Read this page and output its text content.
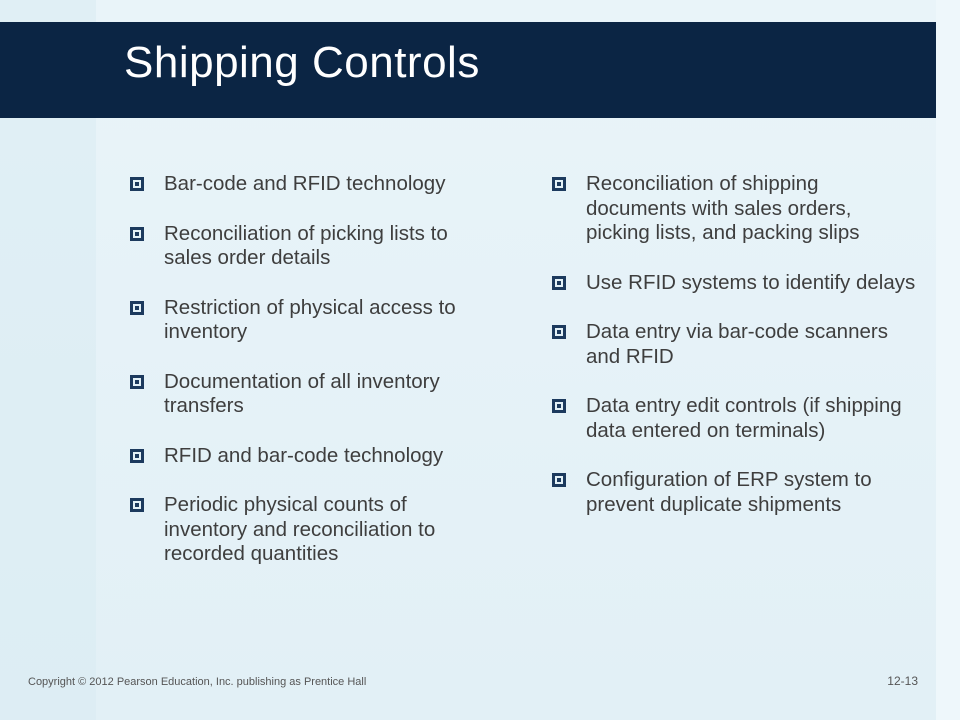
Shipping Controls
Bar-code and RFID technology
Reconciliation of picking lists to sales order details
Restriction of physical access to inventory
Documentation of all inventory transfers
RFID and bar-code technology
Periodic physical counts of inventory and reconciliation to recorded quantities
Reconciliation of shipping documents with sales orders, picking lists, and packing slips
Use RFID systems to identify delays
Data entry via bar-code scanners and RFID
Data entry edit controls (if shipping data entered on terminals)
Configuration of ERP system to prevent duplicate shipments

Copyright © 2012 Pearson Education, Inc. publishing as Prentice Hall	12-13
